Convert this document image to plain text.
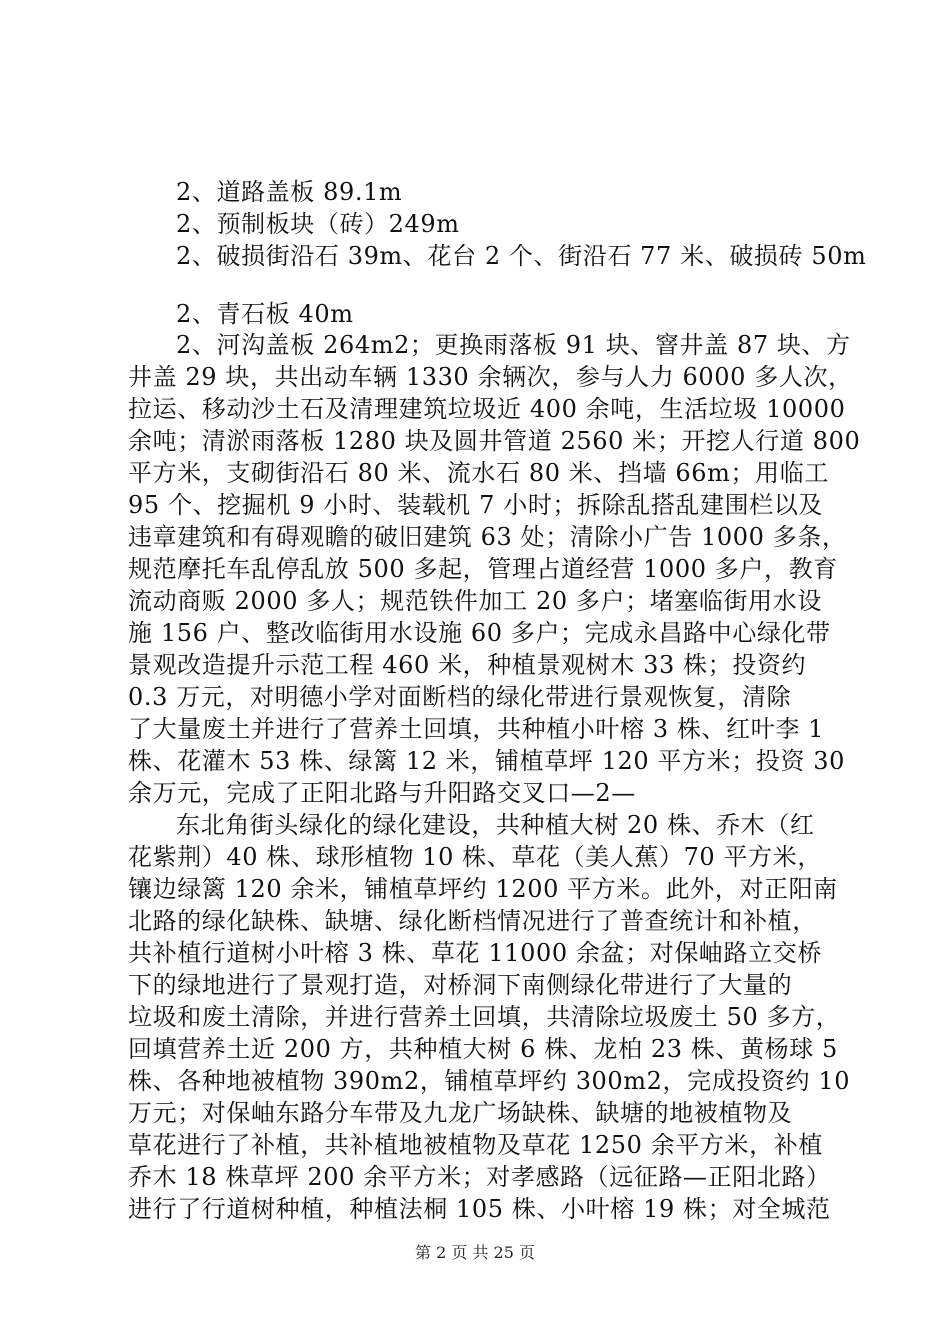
2、道路盖板 89.1m
2、预制板块（砖）249m
2、破损街沿石 39m、花台 2 个、街沿石 77 米、破损砖 50m
2、青石板 40m
2、河沟盖板 264m2；更换雨落板 91 块、窨井盖 87 块、方
井盖 29 块，共出动车辆 1330 余辆次，参与人力 6000 多人次，
拉运、移动沙土石及清理建筑垃圾近 400 余吨，生活垃圾 10000
余吨；清淤雨落板 1280 块及圆井管道 2560 米；开挖人行道 800
平方米，支砌街沿石 80 米、流水石 80 米、挡墙 66m；用临工
95 个、挖掘机 9 小时、装载机 7 小时；拆除乱搭乱建围栏以及
违章建筑和有碍观瞻的破旧建筑 63 处；清除小广告 1000 多条，
规范摩托车乱停乱放 500 多起，管理占道经营 1000 多户，教育
流动商贩 2000 多人；规范铁件加工 20 多户；堵塞临街用水设
施 156 户、整改临街用水设施 60 多户；完成永昌路中心绿化带
景观改造提升示范工程 460 米，种植景观树木 33 株；投资约
0.3 万元，对明德小学对面断档的绿化带进行景观恢复，清除
了大量废土并进行了营养土回填，共种植小叶榕 3 株、红叶李 1
株、花灌木 53 株、绿篱 12 米，铺植草坪 120 平方米；投资 30
余万元，完成了正阳北路与升阳路交叉口—2—
东北角街头绿化的绿化建设，共种植大树 20 株、乔木（红
花紫荆）40 株、球形植物 10 株、草花（美人蕉）70 平方米，
镶边绿篱 120 余米，铺植草坪约 1200 平方米。此外，对正阳南
北路的绿化缺株、缺塘、绿化断档情况进行了普查统计和补植，
共补植行道树小叶榕 3 株、草花 11000 余盆；对保岫路立交桥
下的绿地进行了景观打造，对桥洞下南侧绿化带进行了大量的
垃圾和废土清除，并进行营养土回填，共清除垃圾废土 50 多方，
回填营养土近 200 方，共种植大树 6 株、龙柏 23 株、黄杨球 5
株、各种地被植物 390m2，铺植草坪约 300m2，完成投资约 10
万元；对保岫东路分车带及九龙广场缺株、缺塘的地被植物及
草花进行了补植，共补植地被植物及草花 1250 余平方米，补植
乔木 18 株草坪 200 余平方米；对孝感路（远征路—正阳北路）
进行了行道树种植，种植法桐 105 株、小叶榕 19 株；对全城范
第 2 页 共 25 页
